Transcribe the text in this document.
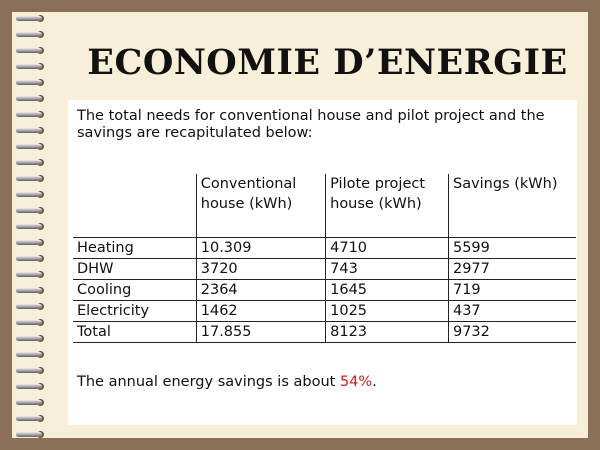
ECONOMIE D’ENERGIE

The total needs for conventional house and pilot project and the savings are recapitulated below:

	Conventional house (kWh)	Pilote project house (kWh)	Savings (kWh)
Heating	10.309	4710	5599
DHW	3720	743	2977
Cooling	2364	1645	719
Electricity	1462	1025	437
Total	17.855	8123	9732

The annual energy savings is about 54%.
